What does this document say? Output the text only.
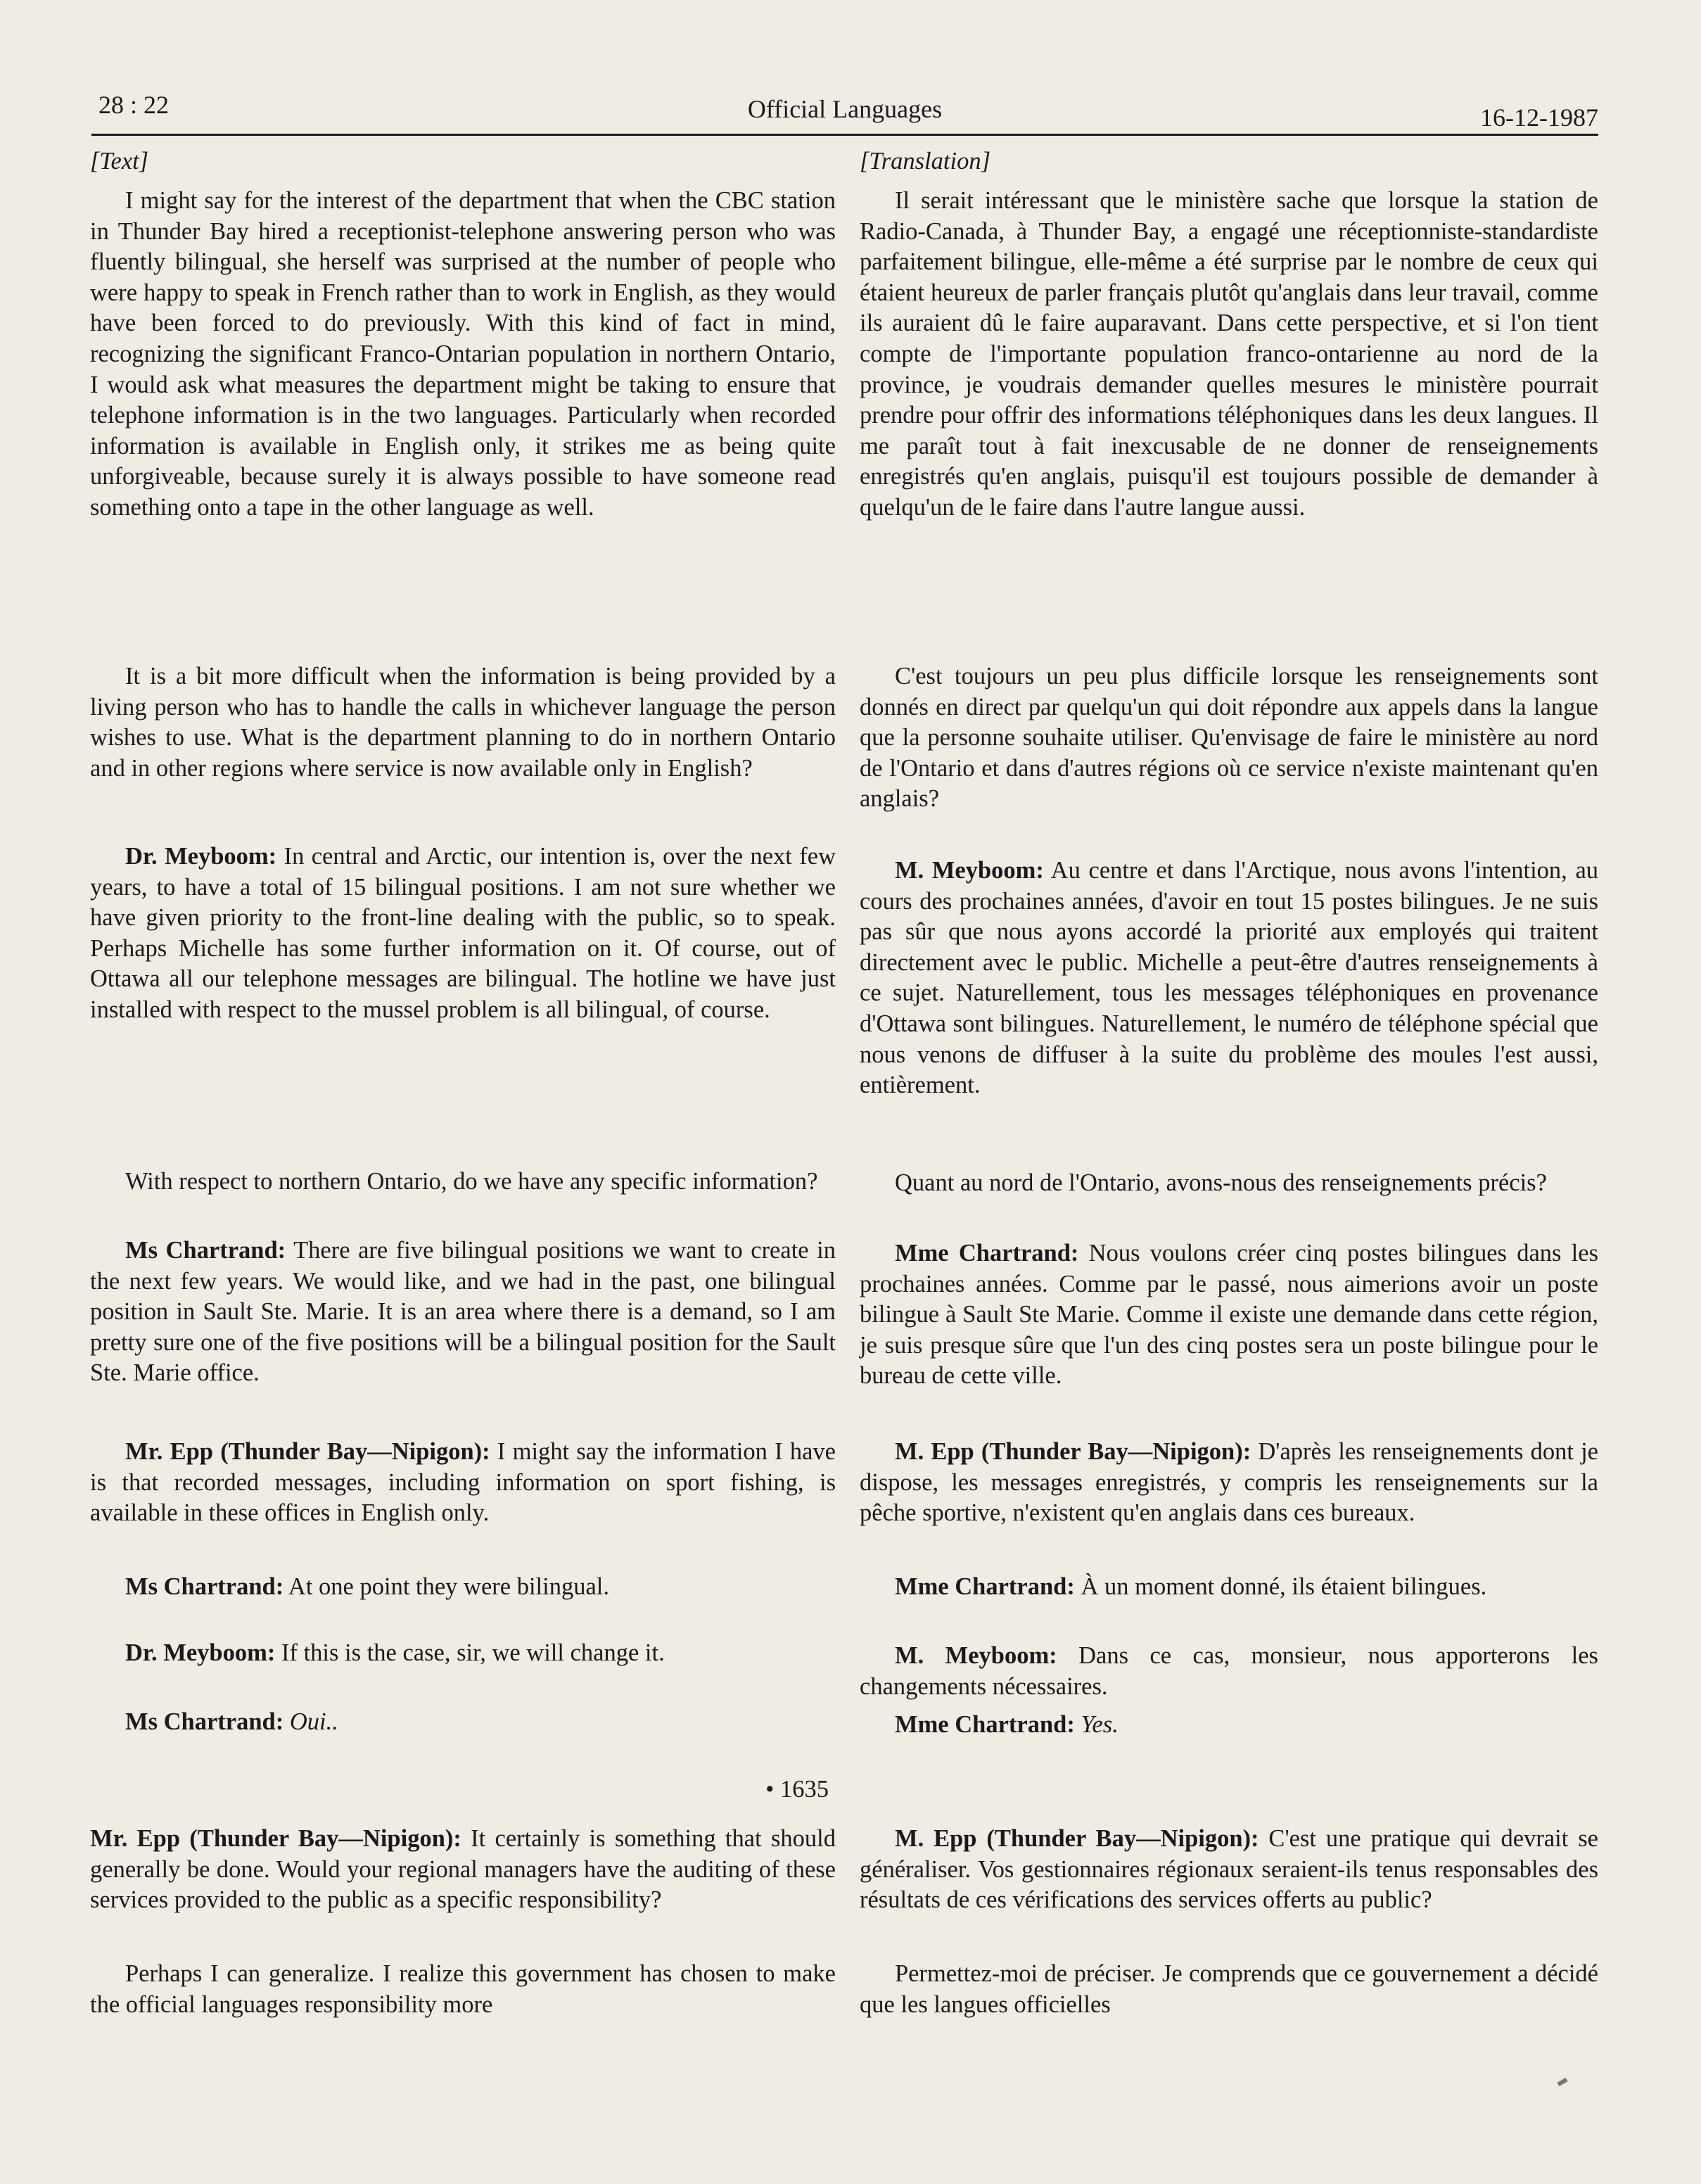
28 : 22	Official Languages	16-12-1987

[Text]

I might say for the interest of the department that when the CBC station in Thunder Bay hired a receptionist-telephone answering person who was fluently bilingual, she herself was surprised at the number of people who were happy to speak in French rather than to work in English, as they would have been forced to do previously. With this kind of fact in mind, recognizing the significant Franco-Ontarian population in northern Ontario, I would ask what measures the department might be taking to ensure that telephone information is in the two languages. Particularly when recorded information is available in English only, it strikes me as being quite unforgiveable, because surely it is always possible to have someone read something onto a tape in the other language as well.

It is a bit more difficult when the information is being provided by a living person who has to handle the calls in whichever language the person wishes to use. What is the department planning to do in northern Ontario and in other regions where service is now available only in English?

Dr. Meyboom: In central and Arctic, our intention is, over the next few years, to have a total of 15 bilingual positions. I am not sure whether we have given priority to the front-line dealing with the public, so to speak. Perhaps Michelle has some further information on it. Of course, out of Ottawa all our telephone messages are bilingual. The hotline we have just installed with respect to the mussel problem is all bilingual, of course.

With respect to northern Ontario, do we have any specific information?

Ms Chartrand: There are five bilingual positions we want to create in the next few years. We would like, and we had in the past, one bilingual position in Sault Ste. Marie. It is an area where there is a demand, so I am pretty sure one of the five positions will be a bilingual position for the Sault Ste. Marie office.

Mr. Epp (Thunder Bay—Nipigon): I might say the information I have is that recorded messages, including information on sport fishing, is available in these offices in English only.

Ms Chartrand: At one point they were bilingual.

Dr. Meyboom: If this is the case, sir, we will change it.

Ms Chartrand: Oui..

• 1635

Mr. Epp (Thunder Bay—Nipigon): It certainly is something that should generally be done. Would your regional managers have the auditing of these services provided to the public as a specific responsibility?

Perhaps I can generalize. I realize this government has chosen to make the official languages responsibility more

[Translation]

Il serait intéressant que le ministère sache que lorsque la station de Radio-Canada, à Thunder Bay, a engagé une réceptionniste-standardiste parfaitement bilingue, elle-même a été surprise par le nombre de ceux qui étaient heureux de parler français plutôt qu'anglais dans leur travail, comme ils auraient dû le faire auparavant. Dans cette perspective, et si l'on tient compte de l'importante population franco-ontarienne au nord de la province, je voudrais demander quelles mesures le ministère pourrait prendre pour offrir des informations téléphoniques dans les deux langues. Il me paraît tout à fait inexcusable de ne donner de renseignements enregistrés qu'en anglais, puisqu'il est toujours possible de demander à quelqu'un de le faire dans l'autre langue aussi.

C'est toujours un peu plus difficile lorsque les renseignements sont donnés en direct par quelqu'un qui doit répondre aux appels dans la langue que la personne souhaite utiliser. Qu'envisage de faire le ministère au nord de l'Ontario et dans d'autres régions où ce service n'existe maintenant qu'en anglais?

M. Meyboom: Au centre et dans l'Arctique, nous avons l'intention, au cours des prochaines années, d'avoir en tout 15 postes bilingues. Je ne suis pas sûr que nous ayons accordé la priorité aux employés qui traitent directement avec le public. Michelle a peut-être d'autres renseignements à ce sujet. Naturellement, tous les messages téléphoniques en provenance d'Ottawa sont bilingues. Naturellement, le numéro de téléphone spécial que nous venons de diffuser à la suite du problème des moules l'est aussi, entièrement.

Quant au nord de l'Ontario, avons-nous des renseignements précis?

Mme Chartrand: Nous voulons créer cinq postes bilingues dans les prochaines années. Comme par le passé, nous aimerions avoir un poste bilingue à Sault Ste Marie. Comme il existe une demande dans cette région, je suis presque sûre que l'un des cinq postes sera un poste bilingue pour le bureau de cette ville.

M. Epp (Thunder Bay—Nipigon): D'après les renseignements dont je dispose, les messages enregistrés, y compris les renseignements sur la pêche sportive, n'existent qu'en anglais dans ces bureaux.

Mme Chartrand: À un moment donné, ils étaient bilingues.

M. Meyboom: Dans ce cas, monsieur, nous apporterons les changements nécessaires.

Mme Chartrand: Yes.

M. Epp (Thunder Bay—Nipigon): C'est une pratique qui devrait se généraliser. Vos gestionnaires régionaux seraient-ils tenus responsables des résultats de ces vérifications des services offerts au public?

Permettez-moi de préciser. Je comprends que ce gouvernement a décidé que les langues officielles
